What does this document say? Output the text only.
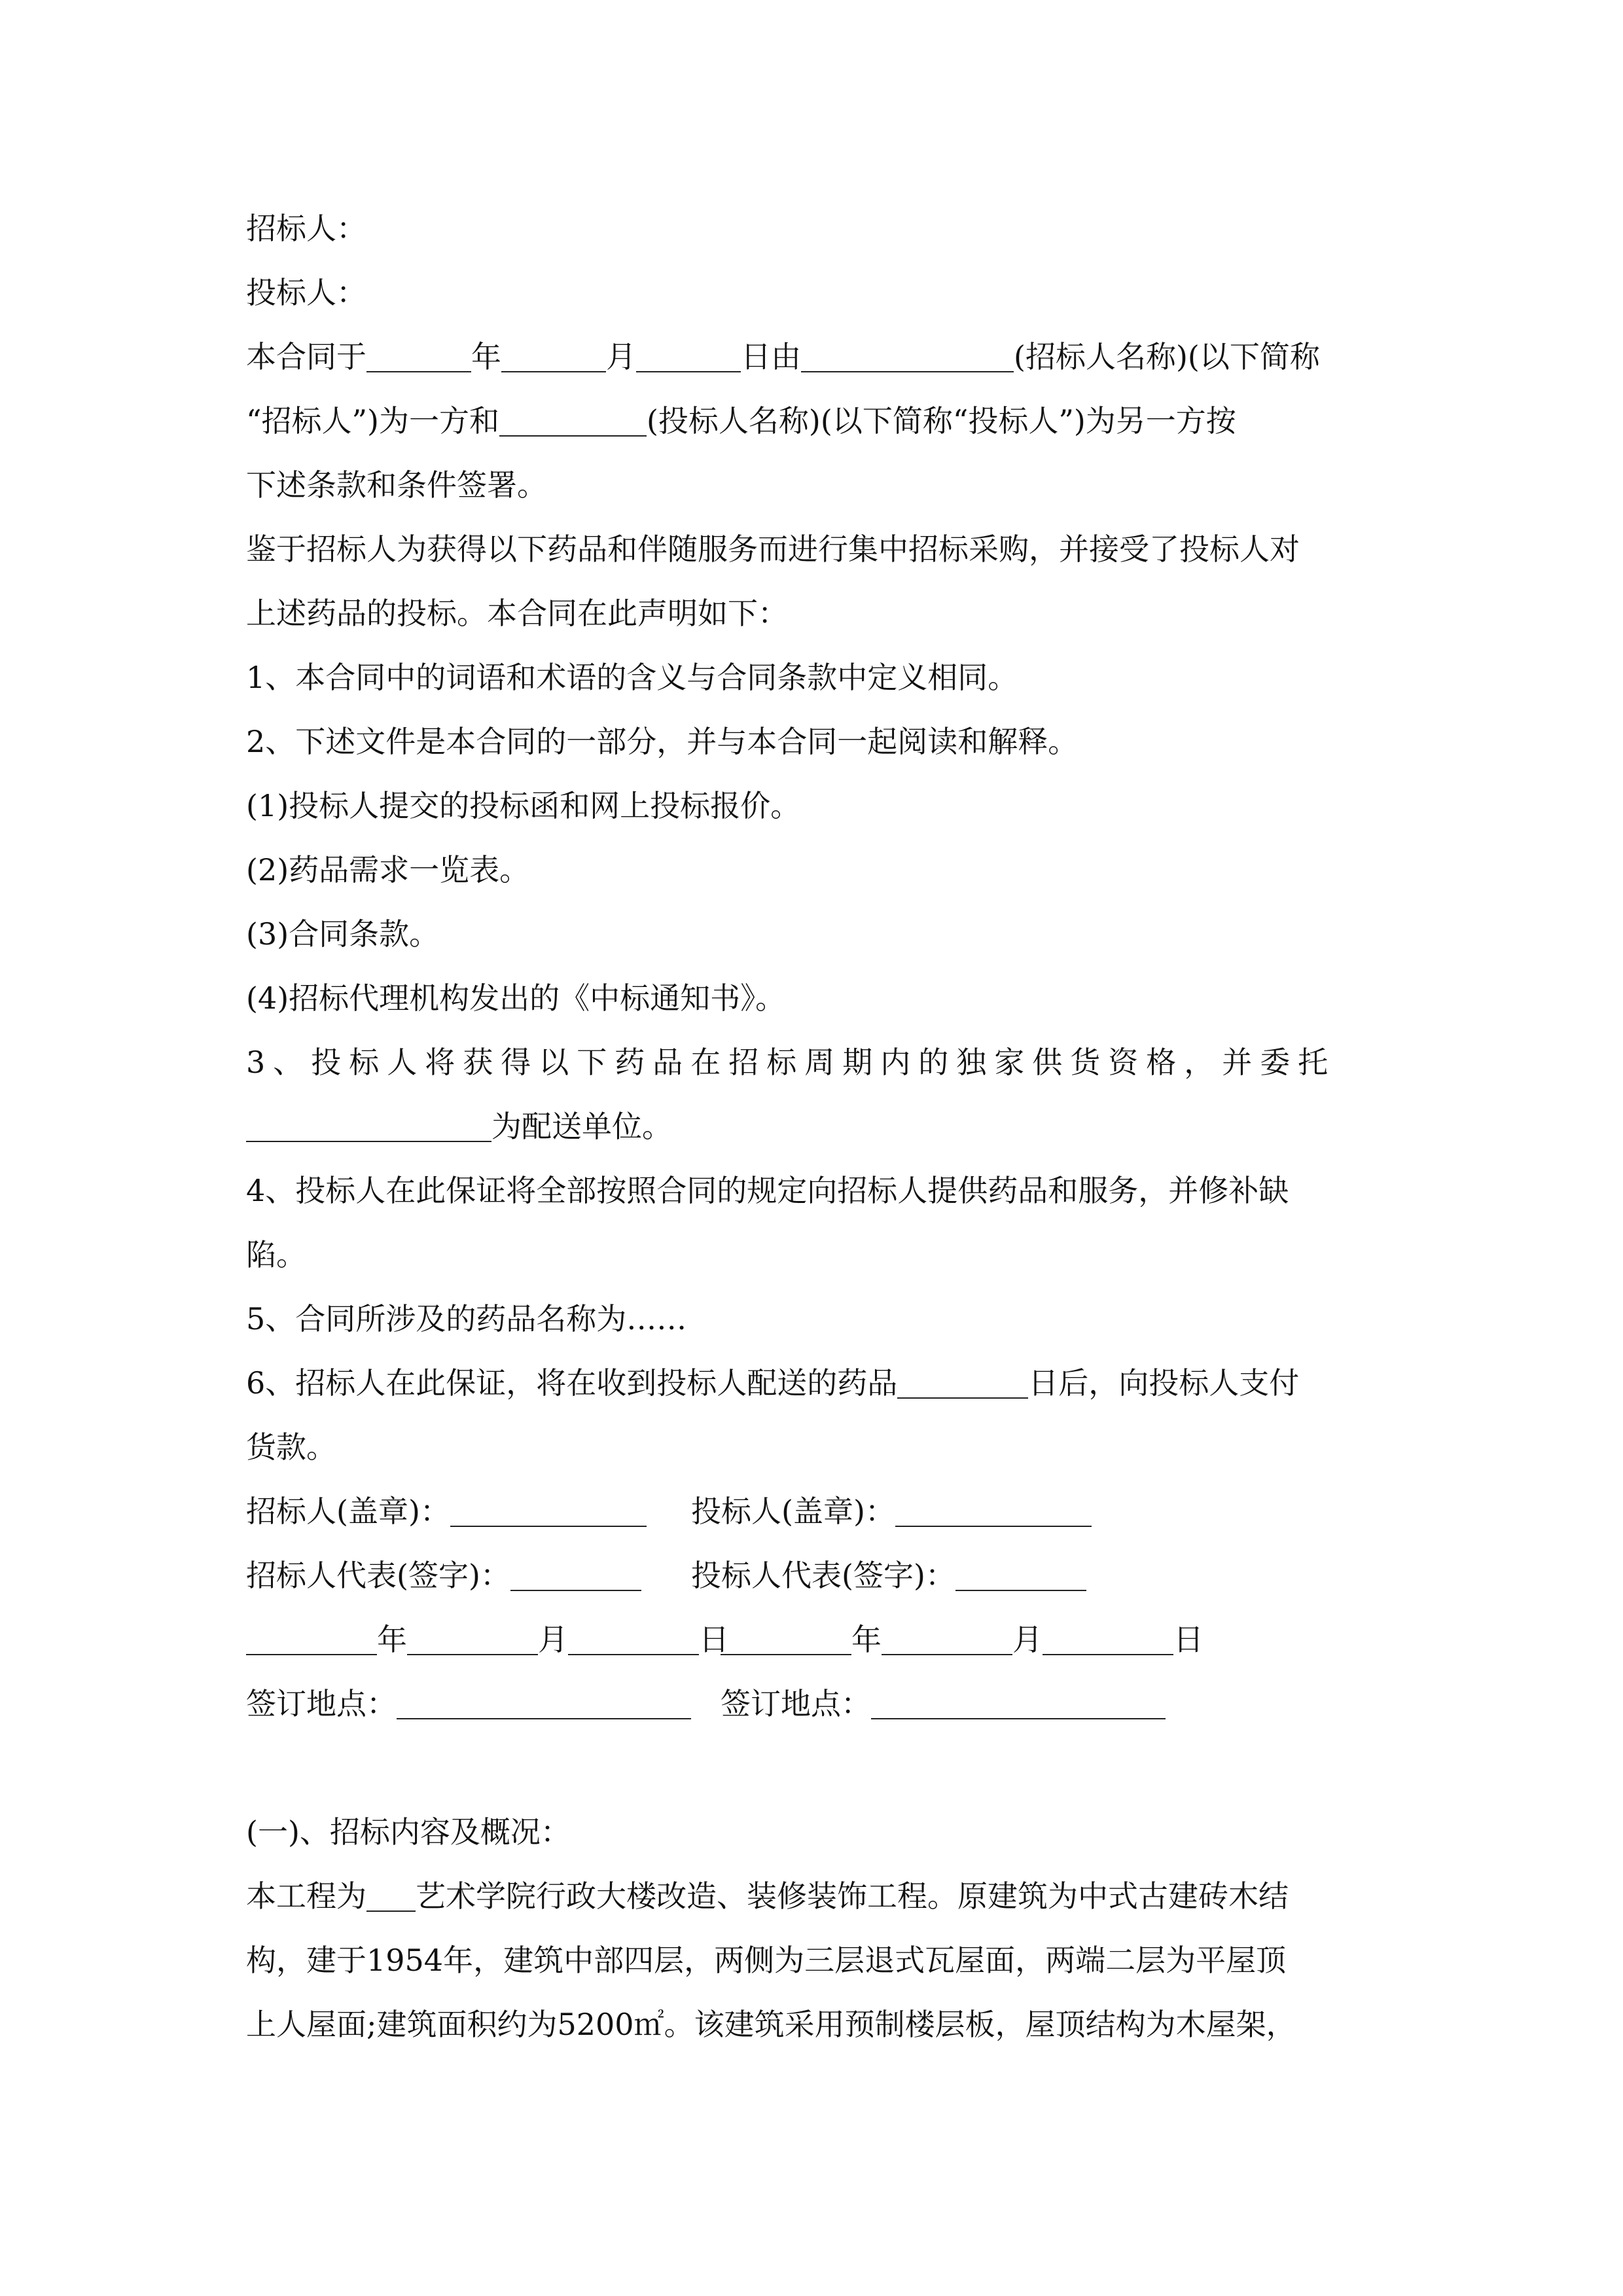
招标人：

投标人：

本合同于	年	月	日由	(招标人名称)(以下简称

“招标人”)为一方和	(投标人名称)(以下简称“投标人”)为另一方按

下述条款和条件签署。

鉴于招标人为获得以下药品和伴随服务而进行集中招标采购，并接受了投标人对

上述药品的投标。本合同在此声明如下：

1、本合同中的词语和术语的含义与合同条款中定义相同。

2、下述文件是本合同的一部分，并与本合同一起阅读和解释。

(1)投标人提交的投标函和网上投标报价。

(2)药品需求一览表。

(3)合同条款。

(4)招标代理机构发出的《中标通知书》。

3、投标人将获得以下药品在招标周期内的独家供货资格，并委托

为配送单位。

4、投标人在此保证将全部按照合同的规定向招标人提供药品和服务，并修补缺

陷。

5、合同所涉及的药品名称为……

6、招标人在此保证，将在收到投标人配送的药品	日后，向投标人支付

货款。

招标人(盖章)：	投标人(盖章)：
招标人代表(签字)：	投标人代表(签字)：
年	月	日	年	月	日
签订地点：	签订地点：

(一)、招标内容及概况：

本工程为 艺术学院行政大楼改造、装修装饰工程。原建筑为中式古建砖木结

构，建于1954年，建筑中部四层，两侧为三层退式瓦屋面，两端二层为平屋顶

上人屋面;建筑面积约为5200㎡。该建筑采用预制楼层板，屋顶结构为木屋架，
